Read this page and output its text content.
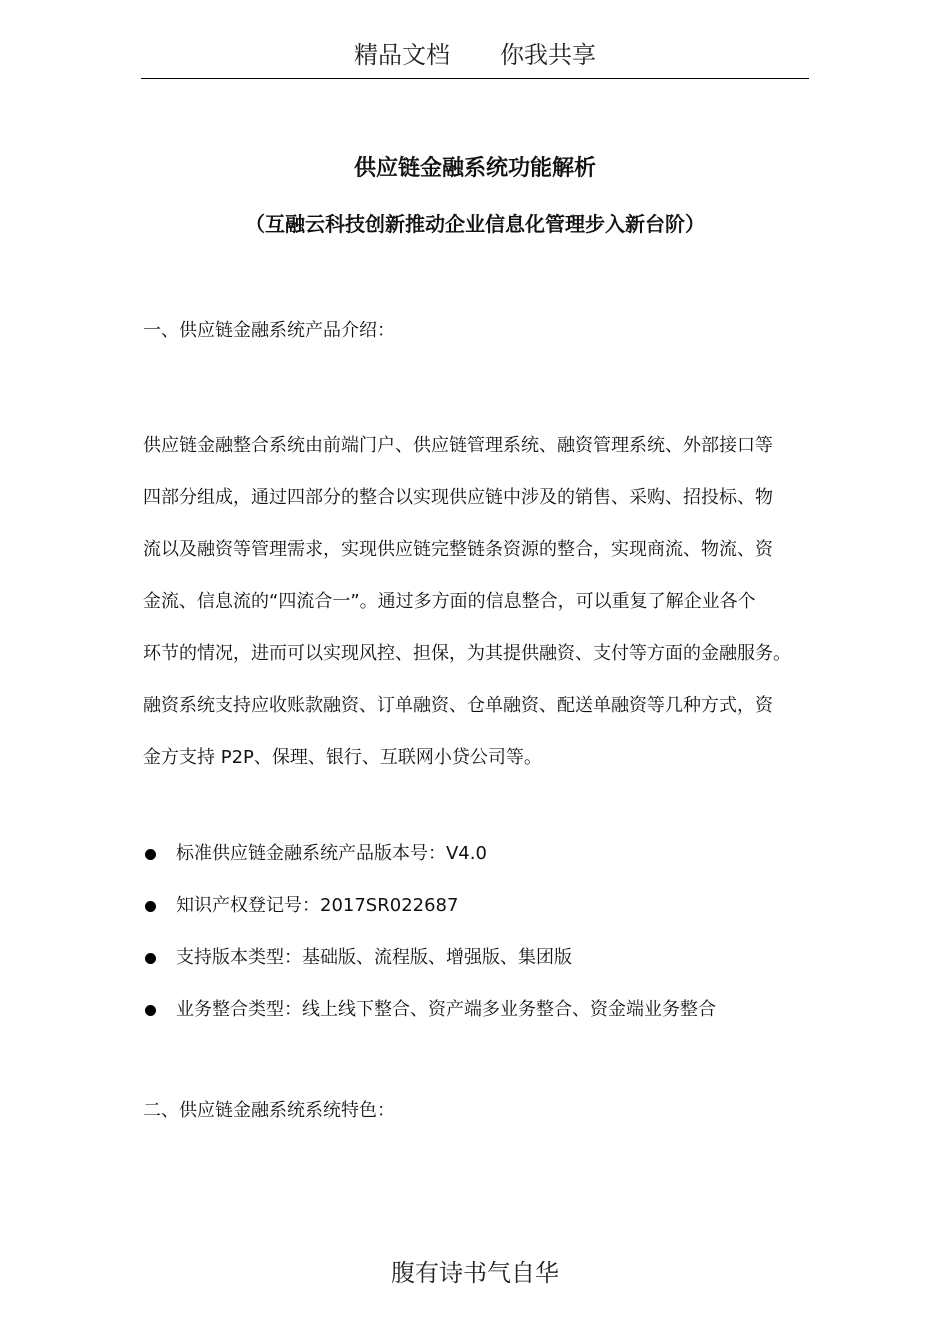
精品文档 你我共享
供应链金融系统功能解析
（互融云科技创新推动企业信息化管理步入新台阶）
一、供应链金融系统产品介绍：
供应链金融整合系统由前端门户、供应链管理系统、融资管理系统、外部接口等
四部分组成，通过四部分的整合以实现供应链中涉及的销售、采购、招投标、物
流以及融资等管理需求，实现供应链完整链条资源的整合，实现商流、物流、资
金流、信息流的“四流合一”。通过多方面的信息整合，可以重复了解企业各个
环节的情况，进而可以实现风控、担保，为其提供融资、支付等方面的金融服务。
融资系统支持应收账款融资、订单融资、仓单融资、配送单融资等几种方式，资
金方支持 P2P、保理、银行、互联网小贷公司等。
标准供应链金融系统产品版本号：V4.0
知识产权登记号：2017SR022687
支持版本类型：基础版、流程版、增强版、集团版
业务整合类型：线上线下整合、资产端多业务整合、资金端业务整合
二、供应链金融系统系统特色：
腹有诗书气自华
